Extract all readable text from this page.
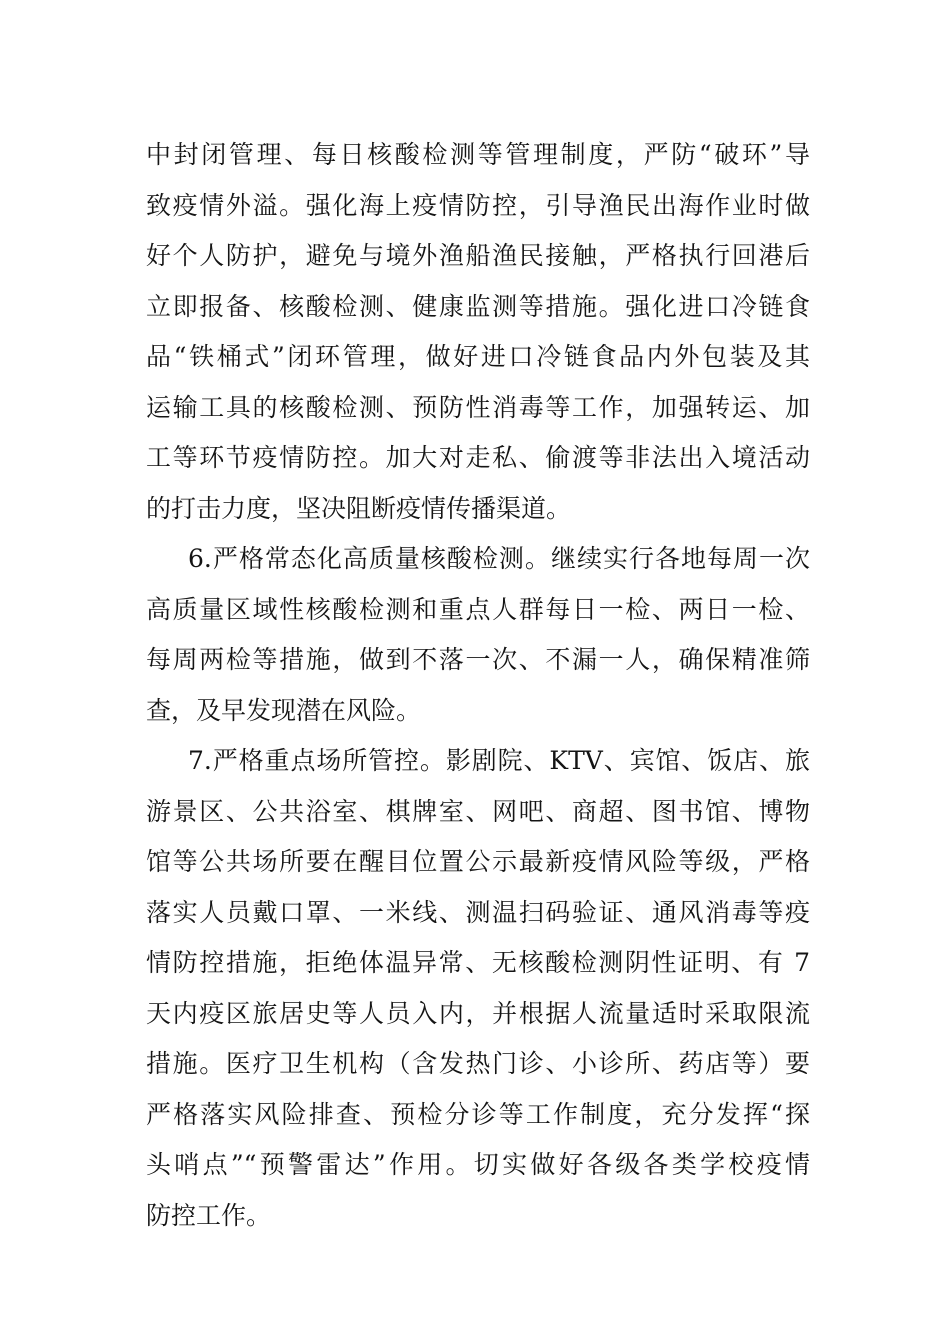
中封闭管理、每日核酸检测等管理制度，严防“破环”导
致疫情外溢。强化海上疫情防控，引导渔民出海作业时做
好个人防护，避免与境外渔船渔民接触，严格执行回港后
立即报备、核酸检测、健康监测等措施。强化进口冷链食
品“铁桶式”闭环管理，做好进口冷链食品内外包装及其
运输工具的核酸检测、预防性消毒等工作，加强转运、加
工等环节疫情防控。加大对走私、偷渡等非法出入境活动
的打击力度，坚决阻断疫情传播渠道。

6.严格常态化高质量核酸检测。继续实行各地每周一次
高质量区域性核酸检测和重点人群每日一检、两日一检、
每周两检等措施，做到不落一次、不漏一人，确保精准筛
查，及早发现潜在风险。

7.严格重点场所管控。影剧院、KTV、宾馆、饭店、旅
游景区、公共浴室、棋牌室、网吧、商超、图书馆、博物
馆等公共场所要在醒目位置公示最新疫情风险等级，严格
落实人员戴口罩、一米线、测温扫码验证、通风消毒等疫
情防控措施，拒绝体温异常、无核酸检测阴性证明、有 7
天内疫区旅居史等人员入内，并根据人流量适时采取限流
措施。医疗卫生机构（含发热门诊、小诊所、药店等）要
严格落实风险排查、预检分诊等工作制度，充分发挥“探
头哨点”“预警雷达”作用。切实做好各级各类学校疫情
防控工作。
